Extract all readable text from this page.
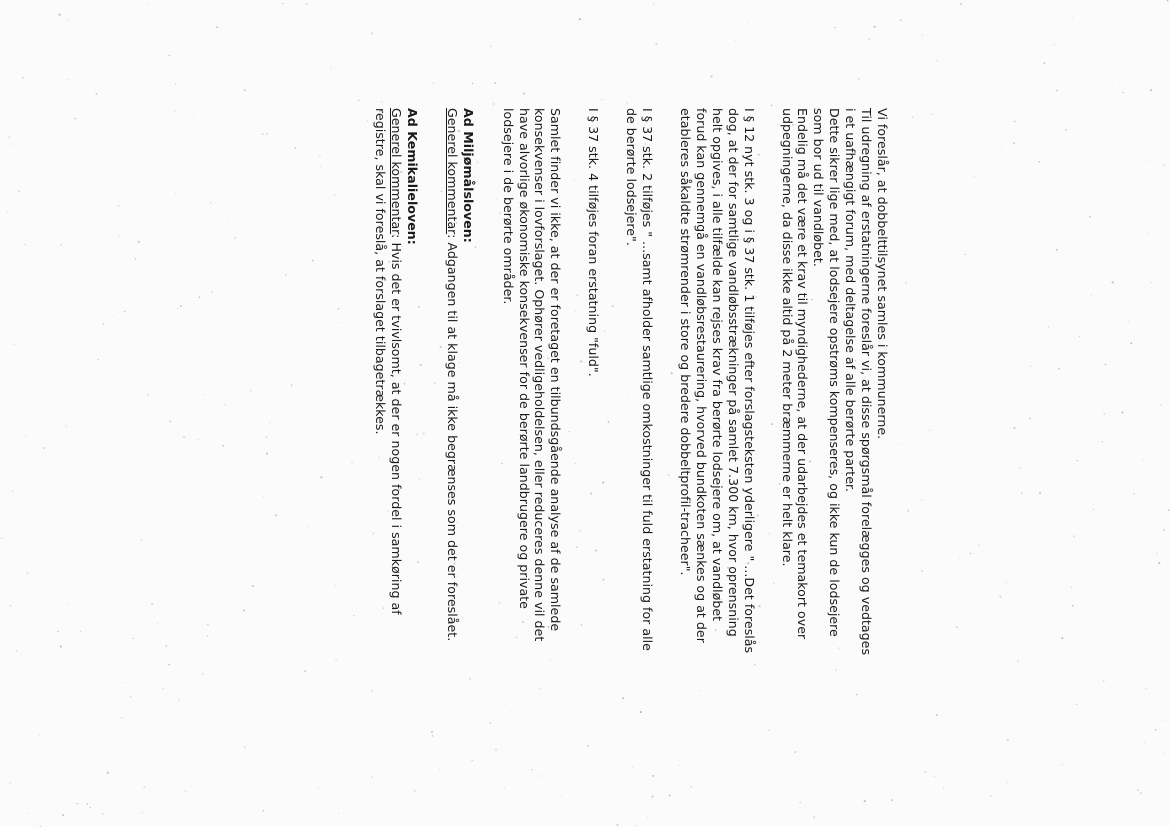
Vi foreslår, at dobbelttilsynet samles i kommunerne.
Til udregning af erstatningerne foreslår vi, at disse spørgsmål forelægges og vedtages
i et uafhængigt forum, med deltagelse af alle berørte parter.
Dette sikrer lige med, at lodsejere opstrøms kompenseres, og ikke kun de lodsejere
som bor ud til vandløbet.
Endelig må det være et krav til myndighederne, at der udarbejdes et temakort over
udpegningerne, da disse ikke altid på 2 meter bræmmerne er helt klare.
I § 12 nyt stk. 3 og i § 37 stk. 1 tilføjes efter forslagsteksten yderligere " ...Det foreslås
dog, at der for samtlige vandløbsstrækninger på samlet 7.300 km, hvor oprensning
helt opgives, i alle tilfælde kan rejses krav fra berørte lodsejere om, at vandløbet
forud kan gennemgå en vandløbsrestaurering, hvorved bundkoten sænkes og at der
etableres såkaldte strømrender i store og bredere dobbeltprofil-tracheer".
I § 37 stk. 2 tilføjes " ...samt afholder samtlige omkostninger til fuld erstatning for alle
de berørte lodsejere".
I § 37 stk. 4 tilføjes foran erstatning "fuld".
Samlet finder vi ikke, at der er foretaget en tilbundsgående analyse af de samlede
konsekvenser i lovforslaget. Ophører vedligeholdelsen, eller reduceres denne vil det
have alvorlige økonomiske konsekvenser for de berørte landbrugere og private
lodsejere i de berørte områder.
Ad Miljømålsloven:
Generel kommentar: Adgangen til at klage må ikke begrænses som det er foreslået.
Ad Kemikalieloven:
Generel kommentar: Hvis det er tvivlsomt, at der er nogen fordel i samkøring af
registre, skal vi foreslå, at forslaget tilbagetrækkes.
